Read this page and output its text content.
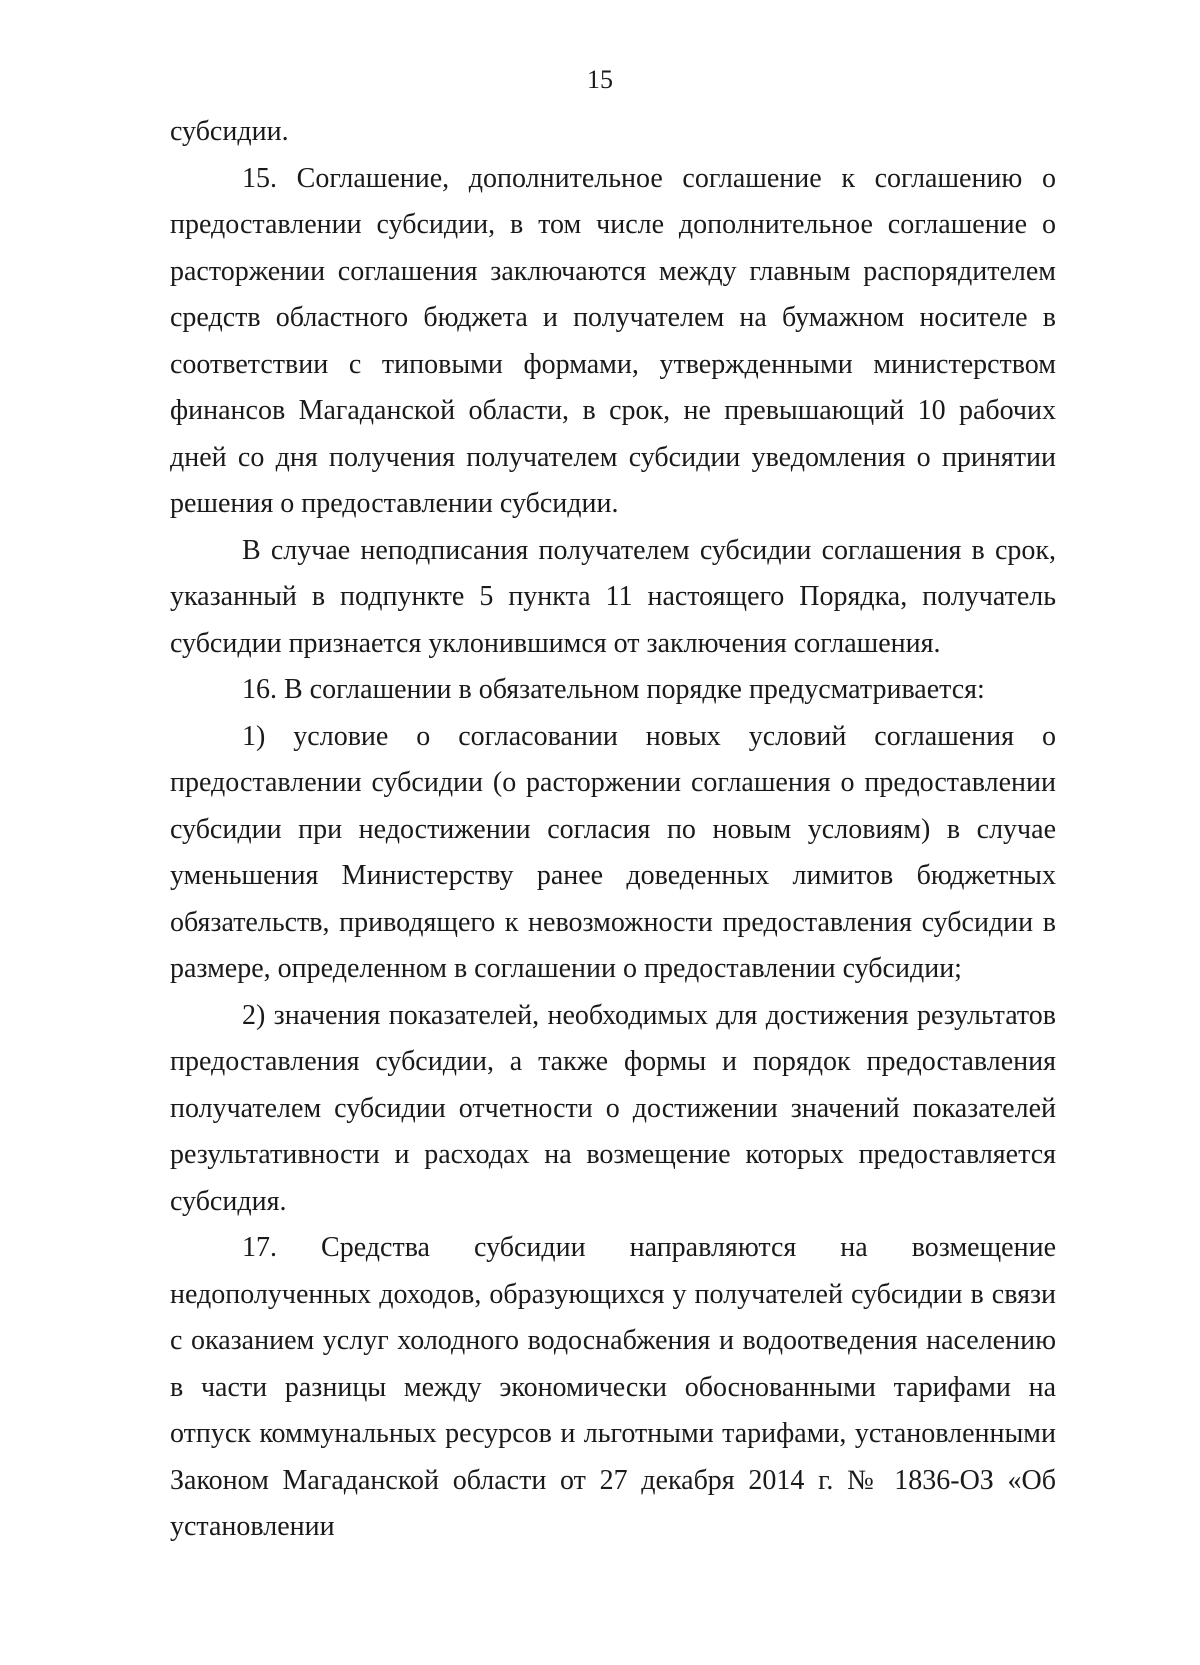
15

субсидии.

15. Соглашение, дополнительное соглашение к соглашению о предоставлении субсидии, в том числе дополнительное соглашение о расторжении соглашения заключаются между главным распорядителем средств областного бюджета и получателем на бумажном носителе в соответствии с типовыми формами, утвержденными министерством финансов Магаданской области, в срок, не превышающий 10 рабочих дней со дня получения получателем субсидии уведомления о принятии решения о предоставлении субсидии.

В случае неподписания получателем субсидии соглашения в срок, указанный в подпункте 5 пункта 11 настоящего Порядка, получатель субсидии признается уклонившимся от заключения соглашения.

16. В соглашении в обязательном порядке предусматривается:

1) условие о согласовании новых условий соглашения о предоставлении субсидии (о расторжении соглашения о предоставлении субсидии при недостижении согласия по новым условиям) в случае уменьшения Министерству ранее доведенных лимитов бюджетных обязательств, приводящего к невозможности предоставления субсидии в размере, определенном в соглашении о предоставлении субсидии;

2) значения показателей, необходимых для достижения результатов предоставления субсидии, а также формы и порядок предоставления получателем субсидии отчетности о достижении значений показателей результативности и расходах на возмещение которых предоставляется субсидия.

17. Средства субсидии направляются на возмещение недополученных доходов, образующихся у получателей субсидии в связи с оказанием услуг холодного водоснабжения и водоотведения населению в части разницы между экономически обоснованными тарифами на отпуск коммунальных ресурсов и льготными тарифами, установленными Законом Магаданской области от 27 декабря 2014 г. № 1836-ОЗ «Об установлении
